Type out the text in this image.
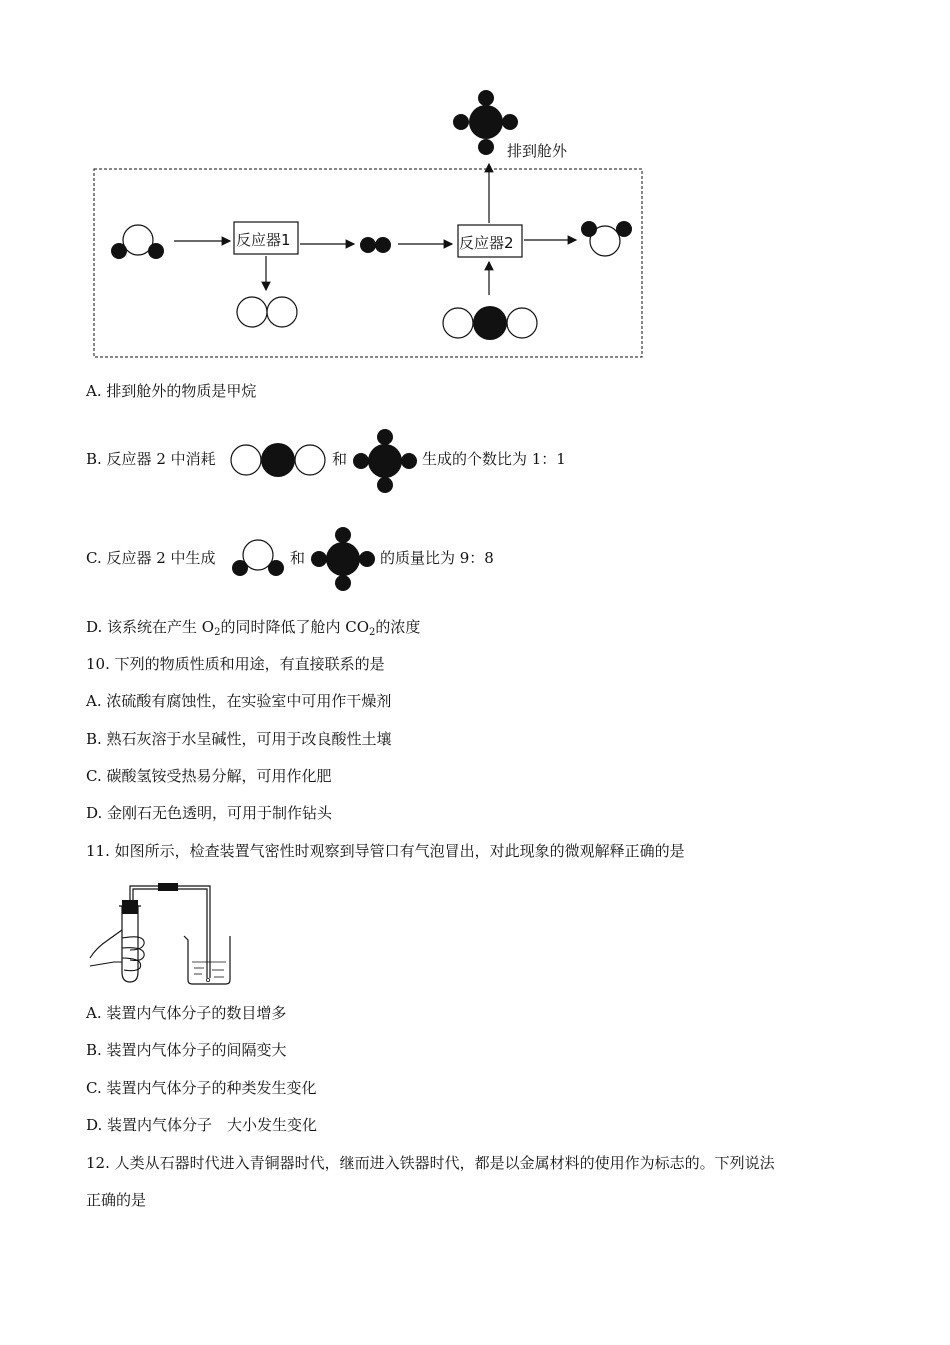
排到舱外
反应器1	反应器2
A. 排到舱外的物质是甲烷
B. 反应器 2 中消耗	和	生成的个数比为 1：1
C. 反应器 2 中生成	和	的质量比为 9：8
D. 该系统在产生 $O_2$的同时降低了舱内 $CO_2$的浓度
10. 下列的物质性质和用途，有直接联系的是
A. 浓硫酸有腐蚀性，在实验室中可用作干燥剂
B. 熟石灰溶于水呈碱性，可用于改良酸性土壤
C. 碳酸氢铵受热易分解，可用作化肥
D. 金刚石无色透明，可用于制作钻头
11. 如图所示，检查装置气密性时观察到导管口有气泡冒出，对此现象的微观解释正确的是
A. 装置内气体分子的数目增多
B. 装置内气体分子的间隔变大
C. 装置内气体分子的种类发生变化
D. 装置内气体分子　大小发生变化
12. 人类从石器时代进入青铜器时代，继而进入铁器时代，都是以金属材料的使用作为标志的。下列说法
正确的是
